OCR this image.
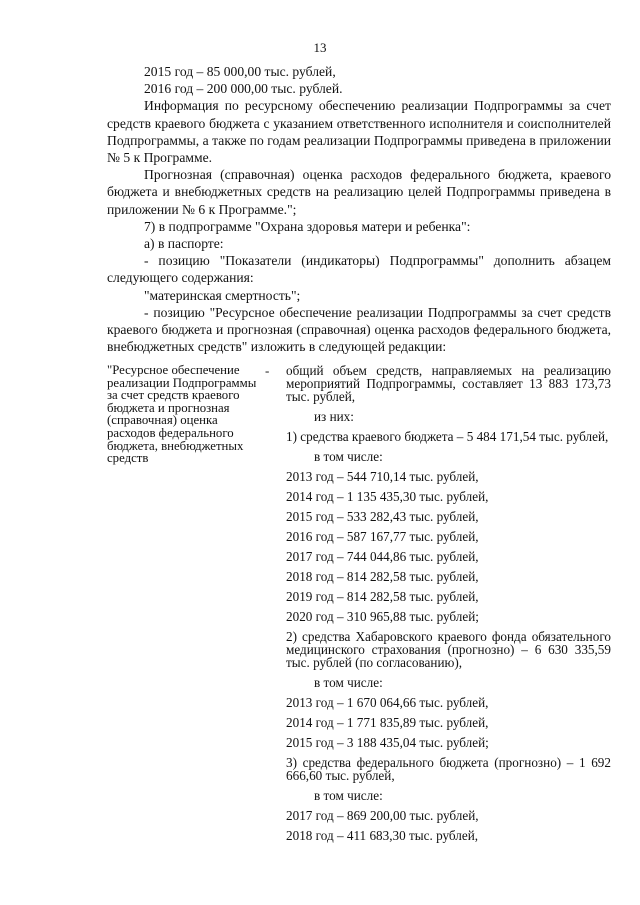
13

2015 год – 85 000,00 тыс. рублей,

2016 год – 200 000,00 тыс. рублей.

Информация по ресурсному обеспечению реализации Подпрограммы за счет средств краевого бюджета с указанием ответственного исполнителя и соисполнителей Подпрограммы, а также по годам реализации Подпрограммы приведена в приложении № 5 к Программе.

Прогнозная (справочная) оценка расходов федерального бюджета, краевого бюджета и внебюджетных средств на реализацию целей Подпрограммы приведена в приложении № 6 к Программе.";

7) в подпрограмме "Охрана здоровья матери и ребенка":

а) в паспорте:

- позицию "Показатели (индикаторы) Подпрограммы" дополнить абзацем следующего содержания:

"материнская смертность";

- позицию "Ресурсное обеспечение реализации Подпрограммы за счет средств краевого бюджета и прогнозная (справочная) оценка расходов федерального бюджета, внебюджетных средств" изложить в следующей редакции:

"Ресурсное обеспечение реализации Подпрограммы за счет средств краевого бюджета и прогнозная (справочная) оценка расходов федерального бюджета, внебюджетных средств
- общий объем средств, направляемых на реализацию мероприятий Подпрограммы, составляет 13 883 173,73 тыс. рублей,

из них:

1) средства краевого бюджета – 5 484 171,54 тыс. рублей,

в том числе:

2013 год – 544 710,14 тыс. рублей,

2014 год – 1 135 435,30 тыс. рублей,

2015 год – 533 282,43 тыс. рублей,

2016 год – 587 167,77 тыс. рублей,

2017 год – 744 044,86 тыс. рублей,

2018 год – 814 282,58 тыс. рублей,

2019 год – 814 282,58 тыс. рублей,

2020 год – 310 965,88 тыс. рублей;

2) средства Хабаровского краевого фонда обязательного медицинского страхования (прогнозно) – 6 630 335,59 тыс. рублей (по согласованию),

в том числе:

2013 год – 1 670 064,66 тыс. рублей,

2014 год – 1 771 835,89 тыс. рублей,

2015 год – 3 188 435,04 тыс. рублей;

3) средства федерального бюджета (прогнозно) – 1 692 666,60 тыс. рублей,

в том числе:

2017 год – 869 200,00 тыс. рублей,

2018 год – 411 683,30 тыс. рублей,
